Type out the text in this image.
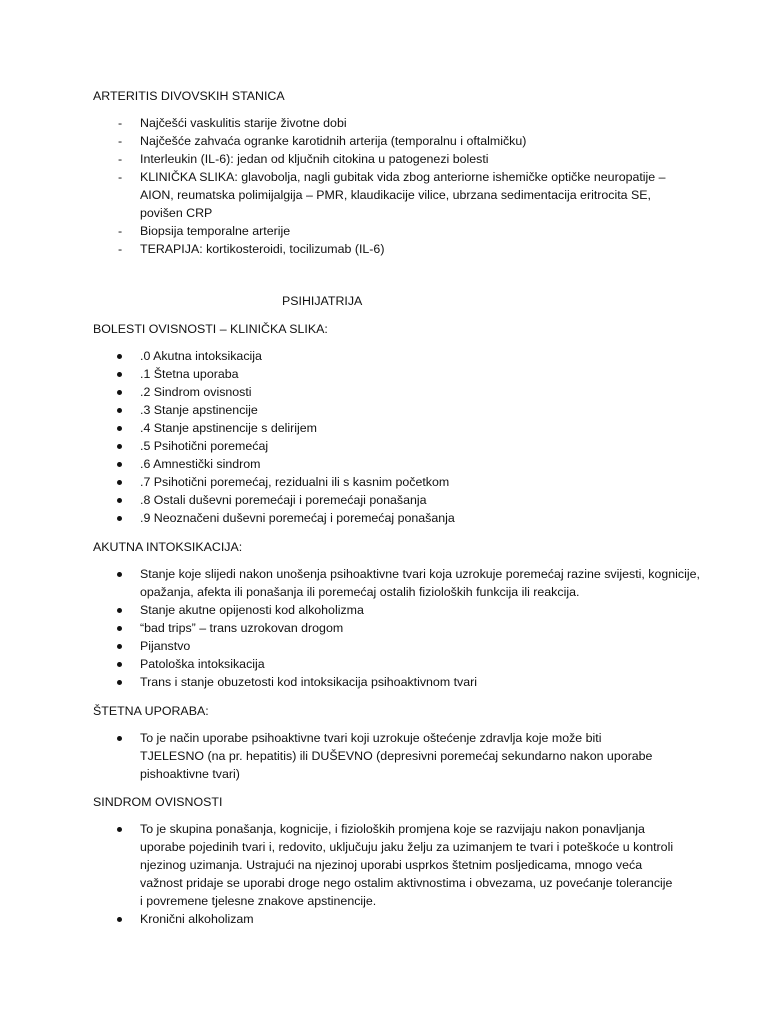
ARTERITIS DIVOVSKIH STANICA
- Najčešći vaskulitis starije životne dobi
- Najčešće zahvaća ogranke karotidnih arterija (temporalnu i oftalmičku)
- Interleukin (IL-6): jedan od ključnih citokina u patogenezi bolesti
- KLINIČKA SLIKA: glavobolja, nagli gubitak vida zbog anteriorne ishemičke optičke neuropatije – AION, reumatska polimijalgija – PMR, klaudikacije vilice, ubrzana sedimentacija eritrocita SE, povišen CRP
- Biopsija temporalne arterije
- TERAPIJA: kortikosteroidi, tocilizumab (IL-6)
PSIHIJATRIJA
BOLESTI OVISNOSTI – KLINIČKA SLIKA:
.0 Akutna intoksikacija
.1 Štetna uporaba
.2 Sindrom ovisnosti
.3 Stanje apstinencije
.4 Stanje apstinencije s delirijem
.5 Psihotični poremećaj
.6 Amnestički sindrom
.7 Psihotični poremećaj, rezidualni ili s kasnim početkom
.8 Ostali duševni poremećaji i poremećaji ponašanja
.9 Neoznačeni duševni poremećaj i poremećaj ponašanja
AKUTNA INTOKSIKACIJA:
Stanje koje slijedi nakon unošenja psihoaktivne tvari koja uzrokuje poremećaj razine svijesti, kognicije, opažanja, afekta ili ponašanja ili poremećaj ostalih fizioloških funkcija ili reakcija.
Stanje akutne opijenosti kod alkoholizma
“bad trips” – trans uzrokovan drogom
Pijanstvo
Patološka intoksikacija
Trans i stanje obuzetosti kod intoksikacija psihoaktivnom tvari
ŠTETNA UPORABA:
To je način uporabe psihoaktivne tvari koji uzrokuje oštećenje zdravlja koje može biti TJELESNO (na pr. hepatitis) ili DUŠEVNO (depresivni poremećaj sekundarno nakon uporabe pishoaktivne tvari)
SINDROM OVISNOSTI
To je skupina ponašanja, kognicije, i fizioloških promjena koje se razvijaju nakon ponavljanja uporabe pojedinih tvari i, redovito, uključuju jaku želju za uzimanjem te tvari i poteškoće u kontroli njezinog uzimanja. Ustrajući na njezinoj uporabi usprkos štetnim posljedicama, mnogo veća važnost pridaje se uporabi droge nego ostalim aktivnostima i obvezama, uz povećanje tolerancije i povremene tjelesne znakove apstinencije.
Kronični alkoholizam
